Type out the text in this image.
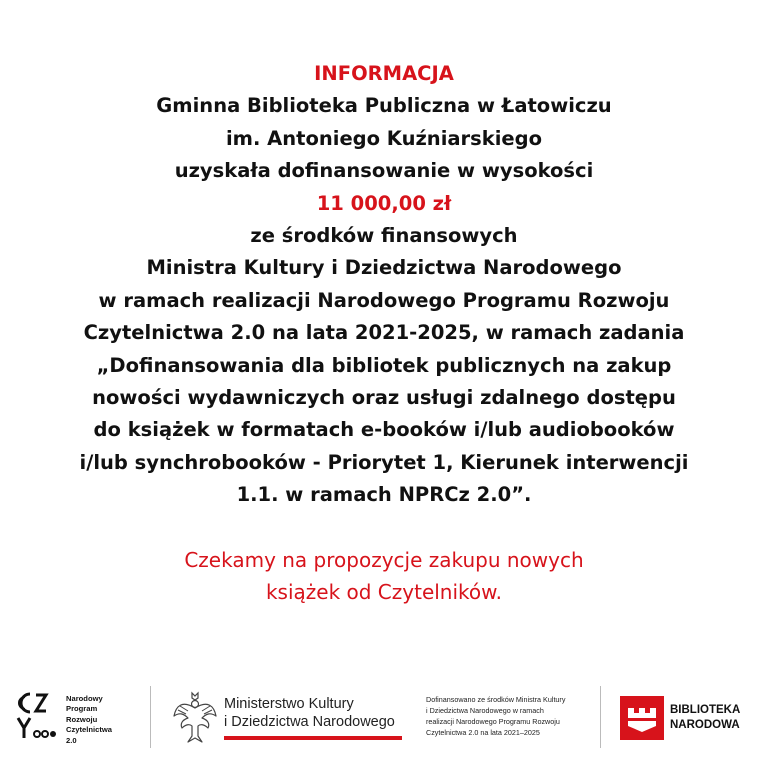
INFORMACJA
Gminna Biblioteka Publiczna w Łatowiczu
im. Antoniego Kuźniarskiego
uzyskała dofinansowanie w wysokości
11 000,00 zł
ze środków finansowych
Ministra Kultury i Dziedzictwa Narodowego
w ramach realizacji Narodowego Programu Rozwoju
Czytelnictwa 2.0 na lata 2021-2025, w ramach zadania
„Dofinansowania dla bibliotek publicznych na zakup
nowości wydawniczych oraz usługi zdalnego dostępu
do książek w formatach e-booków i/lub audiobooków
i/lub synchrobooków - Priorytet 1, Kierunek interwencji
1.1. w ramach NPRCz 2.0”.
Czekamy na propozycje zakupu nowych
książek od Czytelników.
Narodowy
Program
Rozwoju
Czytelnictwa
2.0
Ministerstwo Kultury
i Dziedzictwa Narodowego
Dofinansowano ze środków Ministra Kultury
i Dziedzictwa Narodowego w ramach
realizacji Narodowego Programu Rozwoju
Czytelnictwa 2.0 na lata 2021–2025
BIBLIOTEKA
NARODOWA
